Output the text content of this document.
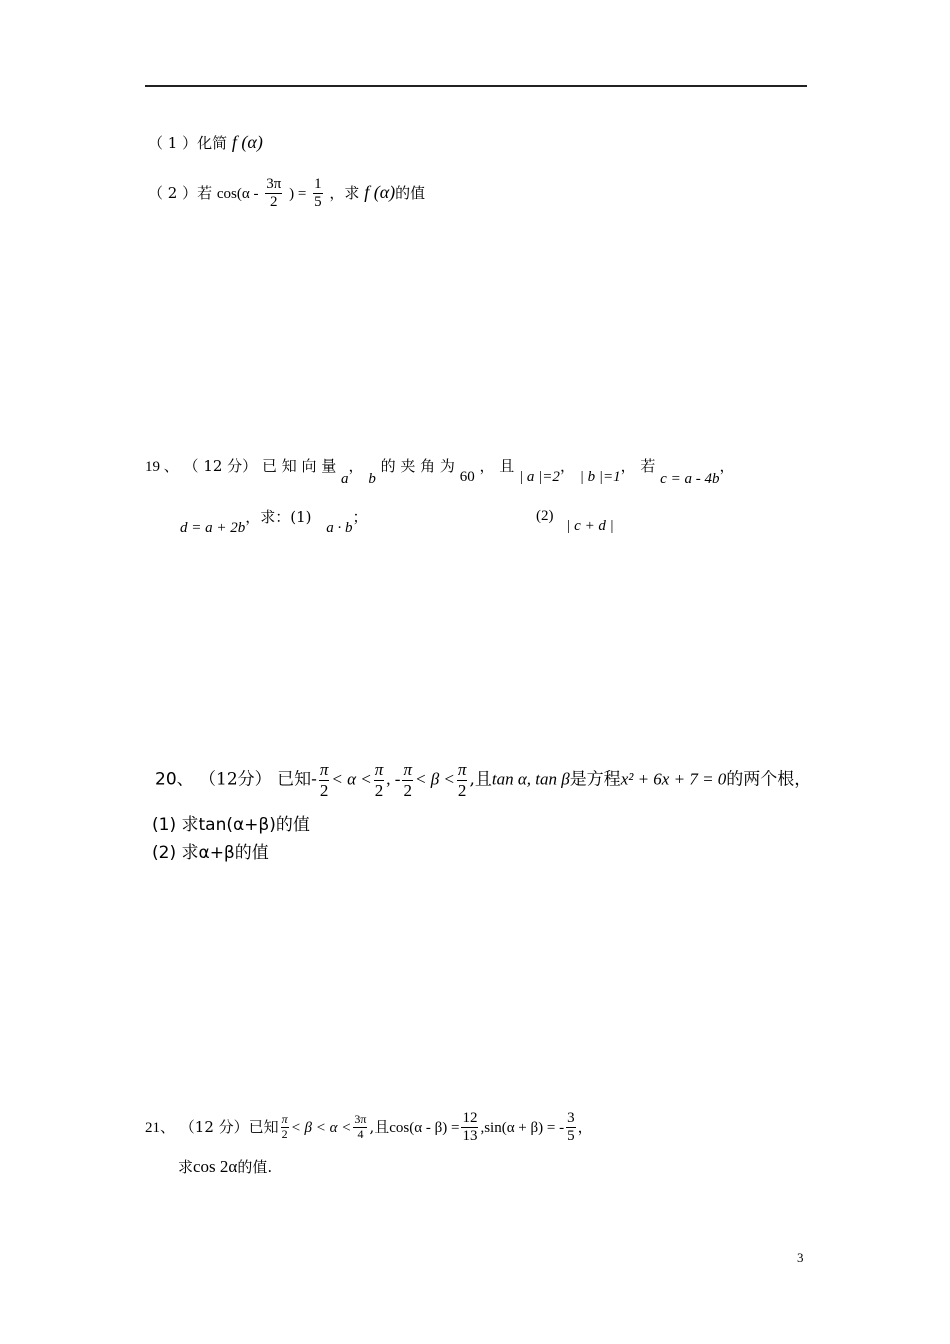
（ 1 ）化简 f (α)
（ 2 ）若 $\cos(\alpha - \frac{3\pi}{2}$ ) = $\frac{1}{5}$ ，求 f (α)的值
19 、 （ 12 分） 已 知 向 量 a， b 的 夹 角 为 60 ， 且 | a |=2， | b |=1， 若 c = a - 4b，
d = a + 2b，求：(1) a · b；	(2) | c + d |
20、 （12分） 已知- $\frac{\pi}{2} < \alpha < \frac{\pi}{2}$ , - $\frac{\pi}{2} < \beta < \frac{\pi}{2}$ ,且tan α, tan β是方程x² + 6x + 7 = 0的两个根，
(1) 求tan(α+β)的值
(2) 求α+β的值
21、 （12 分）已知 $\frac{\pi}{2} < \beta < \alpha < \frac{3\pi}{4}$ ,且$\cos(\alpha - \beta) = \frac{12}{13} ,\sin(\alpha + \beta)$ = - $\frac{3}{5}$ ，
求cos 2α的值.
3
